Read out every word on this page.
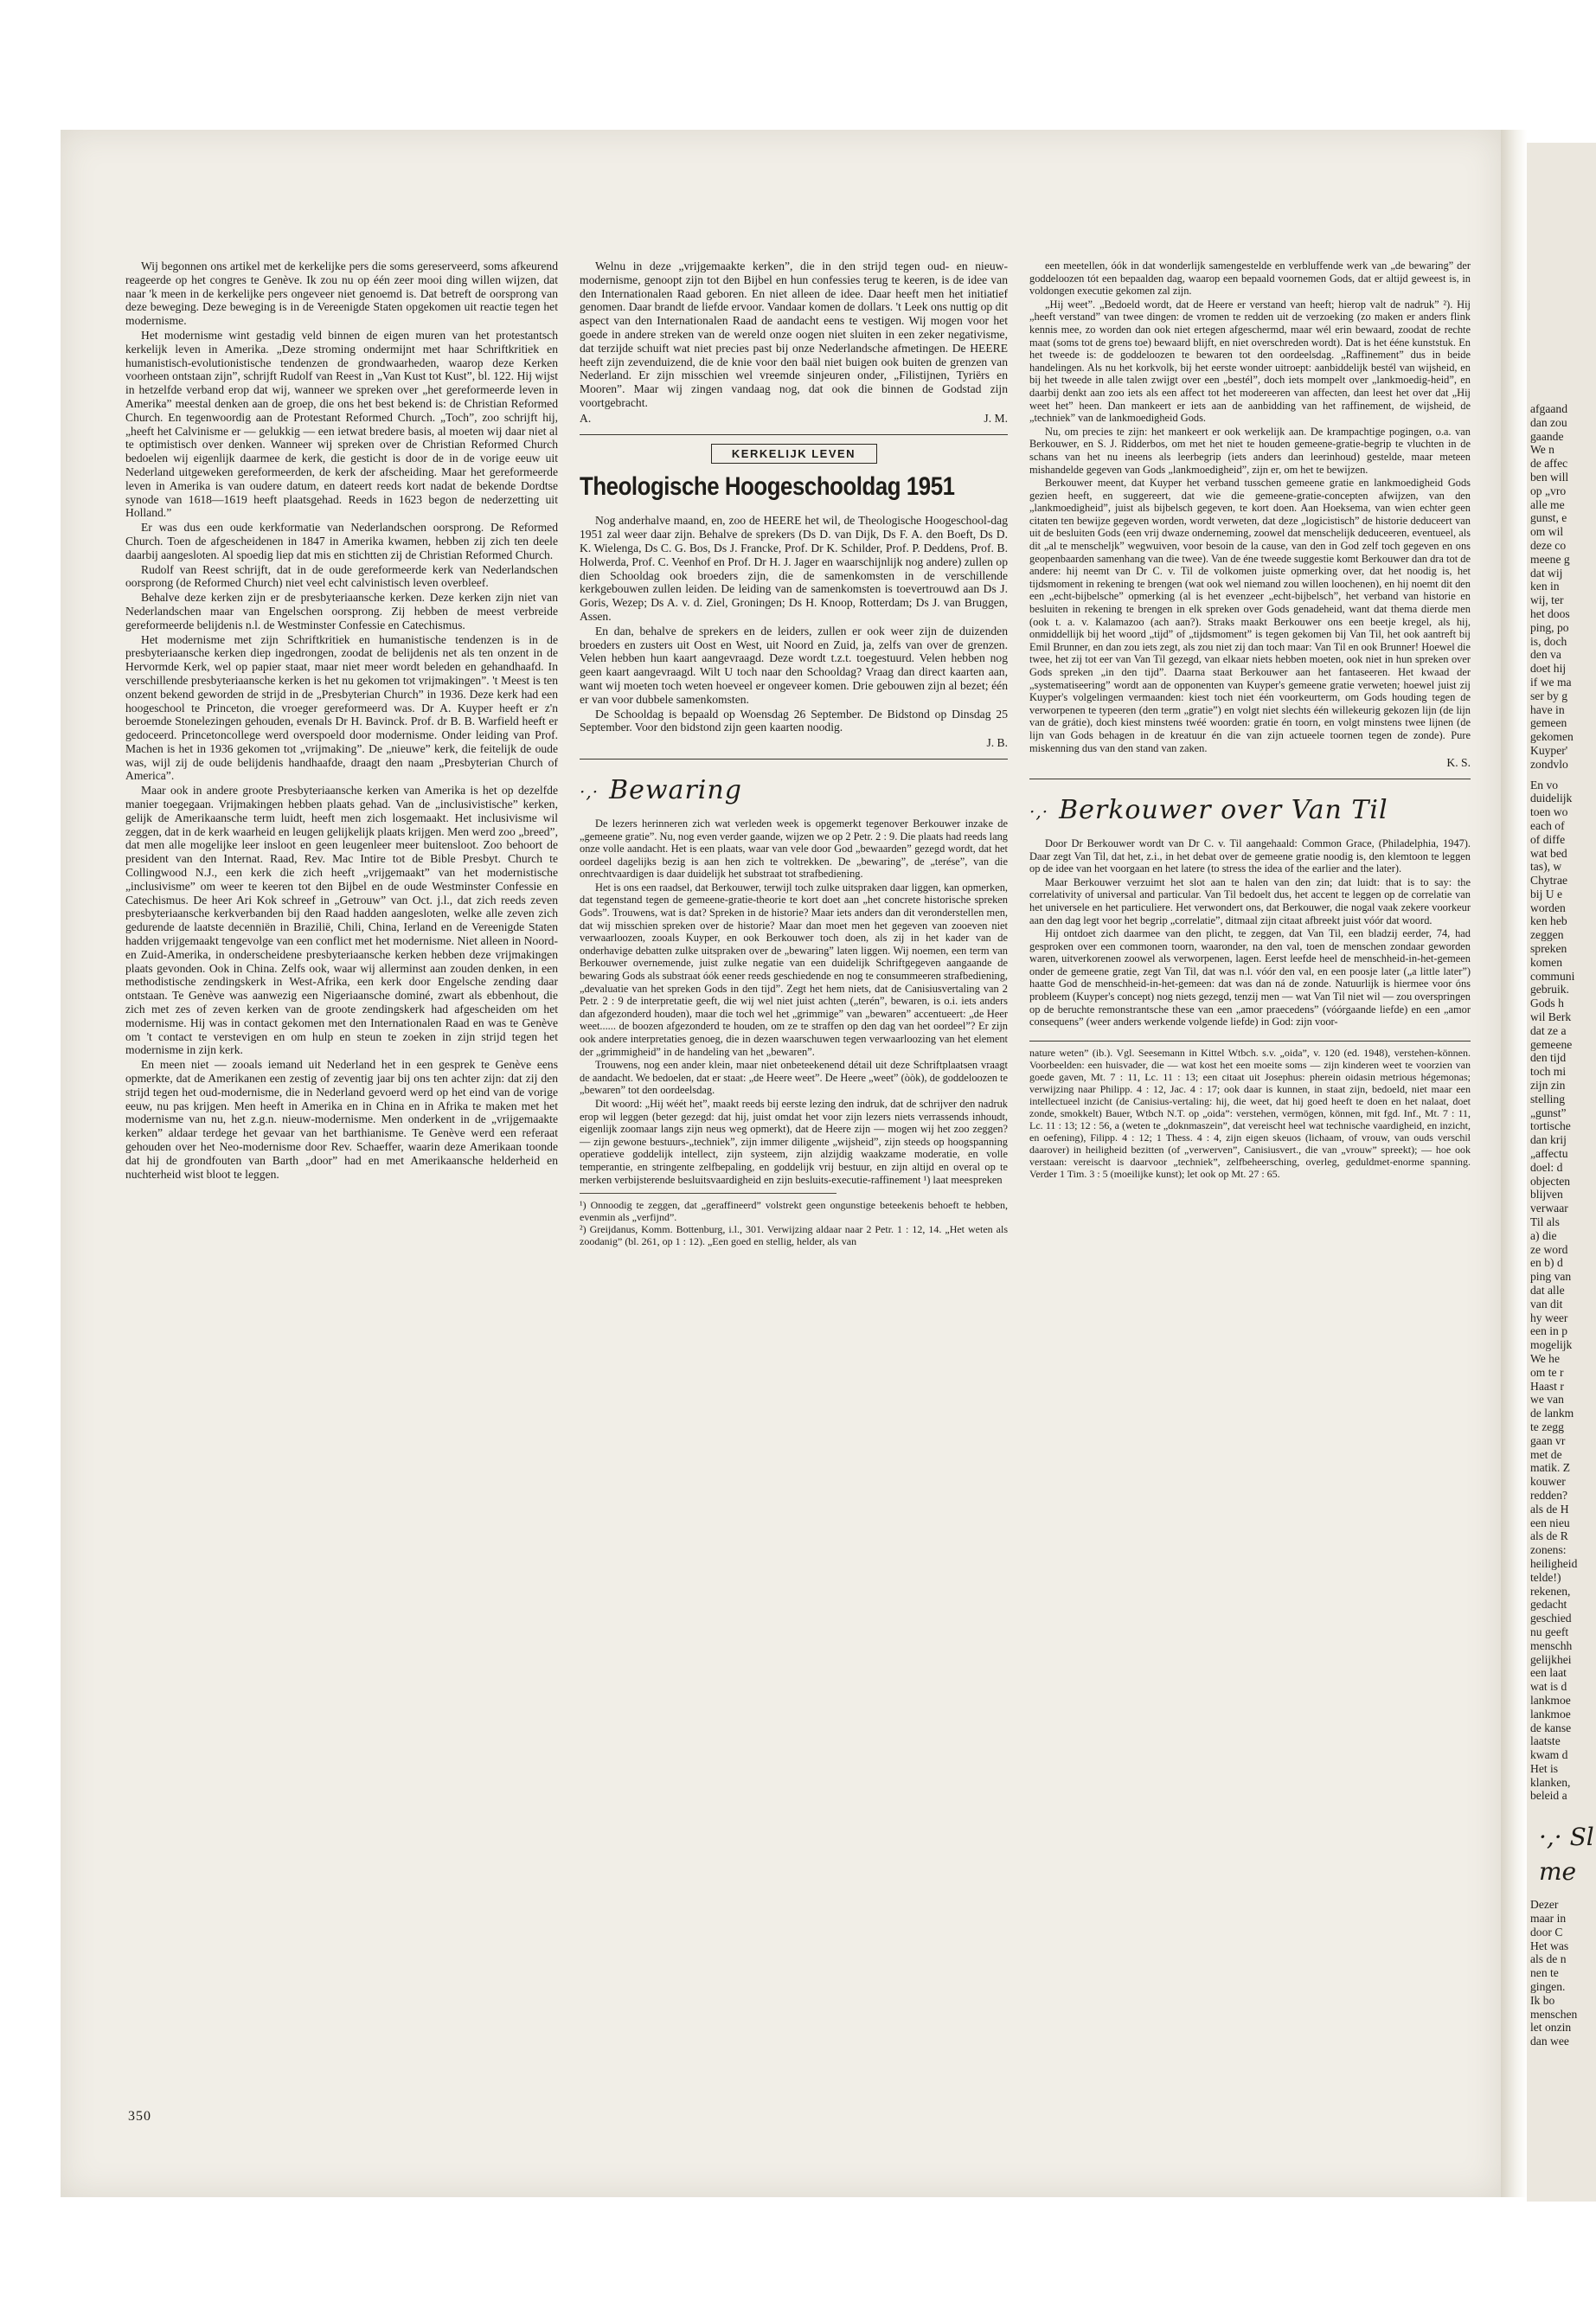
afgaand
dan zou
gaande
We n
de affec
ben will
op „vro
alle me
gunst, e
om wil
deze co
meene g
dat wij
ken in
wij, ter
het doos
ping, po
is, doch
den va
doet hij
if we ma
ser by g
have in
gemeen
gekomen
Kuyper'
zondvlo
En vo
duidelijk
toen wo
each of
of diffe
wat bed
tas), w
Chytrae
bij U e
worden
ken heb
zeggen
spreken
komen
communi
gebruik.
Gods h
wil Berk
dat ze a
gemeene
den tijd
toch mi
zijn zin
stelling
„gunst”
tortische
dan krij
„affectu
doel: d
objecten
blijven
verwaar
Til als
a) die
ze word
en b) d
ping van
dat alle
van dit
hy weer
een in p
mogelijk
We he
om te r
Haast r
we van
de lankm
te zegg
gaan vr
met de
matik. Z
kouwer
redden?
als de H
een nieu
als de R
zonens:
heiligheid
telde!)
rekenen,
gedacht
geschied
nu geeft
menschh
gelijkhei
een laat
wat is d
lankmoe
lankmoe
de kanse
laatste
kwam d
Het is
klanken,
beleid a
·,· Sl
me
Dezer
maar in
door C
Het was
als de n
nen te
gingen.
Ik bo
menschen
let onzin
dan wee

Wij begonnen ons artikel met de kerkelijke pers die soms gereserveerd, soms afkeurend reageerde op het congres te Genève. Ik zou nu op één zeer mooi ding willen wijzen, dat naar 'k meen in de kerkelijke pers ongeveer niet genoemd is. Dat betreft de oorsprong van deze beweging. Deze beweging is in de Vereenigde Staten opgekomen uit reactie tegen het modernisme.

Het modernisme wint gestadig veld binnen de eigen muren van het protestantsch kerkelijk leven in Amerika. „Deze stroming ondermijnt met haar Schriftkritiek en humanistisch-evolutionistische tendenzen de grondwaarheden, waarop deze Kerken voorheen ontstaan zijn”, schrijft Rudolf van Reest in „Van Kust tot Kust”, bl. 122. Hij wijst in hetzelfde verband erop dat wij, wanneer we spreken over „het gereformeerde leven in Amerika” meestal denken aan de groep, die ons het best bekend is: de Christian Reformed Church. En tegenwoordig aan de Protestant Reformed Church. „Toch”, zoo schrijft hij, „heeft het Calvinisme er — gelukkig — een ietwat bredere basis, al moeten wij daar niet al te optimistisch over denken. Wanneer wij spreken over de Christian Reformed Church bedoelen wij eigenlijk daarmee de kerk, die gesticht is door de in de vorige eeuw uit Nederland uitgeweken gereformeerden, de kerk der afscheiding. Maar het gereformeerde leven in Amerika is van oudere datum, en dateert reeds kort nadat de bekende Dordtse synode van 1618—1619 heeft plaatsgehad. Reeds in 1623 begon de nederzetting uit Holland.”

Er was dus een oude kerkformatie van Nederlandschen oorsprong. De Reformed Church. Toen de afgescheidenen in 1847 in Amerika kwamen, hebben zij zich ten deele daarbij aangesloten. Al spoedig liep dat mis en stichtten zij de Christian Reformed Church.

Rudolf van Reest schrijft, dat in de oude gereformeerde kerk van Nederlandschen oorsprong (de Reformed Church) niet veel echt calvinistisch leven overbleef.

Behalve deze kerken zijn er de presbyteriaansche kerken. Deze kerken zijn niet van Nederlandschen maar van Engelschen oorsprong. Zij hebben de meest verbreide gereformeerde belijdenis n.l. de Westminster Confessie en Catechismus.

Het modernisme met zijn Schriftkritiek en humanistische tendenzen is in de presbyteriaansche kerken diep ingedrongen, zoodat de belijdenis net als ten onzent in de Hervormde Kerk, wel op papier staat, maar niet meer wordt beleden en gehandhaafd. In verschillende presbyteriaansche kerken is het nu gekomen tot vrijmakingen”. 't Meest is ten onzent bekend geworden de strijd in de „Presbyterian Church” in 1936. Deze kerk had een hoogeschool te Princeton, die vroeger gereformeerd was. Dr A. Kuyper heeft er z'n beroemde Stonelezingen gehouden, evenals Dr H. Bavinck. Prof. dr B. B. Warfield heeft er gedoceerd. Princetoncollege werd overspoeld door modernisme. Onder leiding van Prof. Machen is het in 1936 gekomen tot „vrijmaking”. De „nieuwe” kerk, die feitelijk de oude was, wijl zij de oude belijdenis handhaafde, draagt den naam „Presbyterian Church of America”.

Maar ook in andere groote Presbyteriaansche kerken van Amerika is het op dezelfde manier toegegaan. Vrijmakingen hebben plaats gehad. Van de „inclusivistische” kerken, gelijk de Amerikaansche term luidt, heeft men zich losgemaakt. Het inclusivisme wil zeggen, dat in de kerk waarheid en leugen gelijkelijk plaats krijgen. Men werd zoo „breed”, dat men alle mogelijke leer insloot en geen leugenleer meer buitensloot. Zoo behoort de president van den Internat. Raad, Rev. Mac Intire tot de Bible Presbyt. Church te Collingwood N.J., een kerk die zich heeft „vrijgemaakt” van het modernistische „inclusivisme” om weer te keeren tot den Bijbel en de oude Westminster Confessie en Catechismus. De heer Ari Kok schreef in „Getrouw” van Oct. j.l., dat zich reeds zeven presbyteriaansche kerkverbanden bij den Raad hadden aangesloten, welke alle zeven zich gedurende de laatste decenniën in Brazilië, Chili, China, Ierland en de Vereenigde Staten hadden vrijgemaakt tengevolge van een conflict met het modernisme. Niet alleen in Noord- en Zuid-Amerika, in onderscheidene presbyteriaansche kerken hebben deze vrijmakingen plaats gevonden. Ook in China. Zelfs ook, waar wij allerminst aan zouden denken, in een methodistische zendingskerk in West-Afrika, een kerk door Engelsche zending daar ontstaan. Te Genève was aanwezig een Nigeriaansche dominé, zwart als ebbenhout, die zich met zes of zeven kerken van de groote zendingskerk had afgescheiden om het modernisme. Hij was in contact gekomen met den Internationalen Raad en was te Genève om 't contact te verstevigen en om hulp en steun te zoeken in zijn strijd tegen het modernisme in zijn kerk.

En meen niet — zooals iemand uit Nederland het in een gesprek te Genève eens opmerkte, dat de Amerikanen een zestig of zeventig jaar bij ons ten achter zijn: dat zij den strijd tegen het oud-modernisme, die in Nederland gevoerd werd op het eind van de vorige eeuw, nu pas krijgen. Men heeft in Amerika en in China en in Afrika te maken met het modernisme van nu, het z.g.n. nieuw-modernisme. Men onderkent in de „vrijgemaakte kerken” aldaar terdege het gevaar van het barthianisme. Te Genève werd een referaat gehouden over het Neo-modernisme door Rev. Schaeffer, waarin deze Amerikaan toonde dat hij de grondfouten van Barth „door” had en met Amerikaansche helderheid en nuchterheid wist bloot te leggen.

Welnu in deze „vrijgemaakte kerken”, die in den strijd tegen oud- en nieuw-modernisme, genoopt zijn tot den Bijbel en hun confessies terug te keeren, is de idee van den Internationalen Raad geboren. En niet alleen de idee. Daar heeft men het initiatief genomen. Daar brandt de liefde ervoor. Vandaar komen de dollars. 't Leek ons nuttig op dit aspect van den Internationalen Raad de aandacht eens te vestigen. Wij mogen voor het goede in andere streken van de wereld onze oogen niet sluiten in een zeker negativisme, dat terzijde schuift wat niet precies past bij onze Nederlandsche afmetingen. De HEERE heeft zijn zevenduizend, die de knie voor den baäl niet buigen ook buiten de grenzen van Nederland. Er zijn misschien wel vreemde sinjeuren onder, „Filistijnen, Tyriërs en Mooren”. Maar wij zingen vandaag nog, dat ook die binnen de Godstad zijn voortgebracht.

A.	J. M.
KERKELIJK LEVEN
Theologische Hoogeschooldag 1951

Nog anderhalve maand, en, zoo de HEERE het wil, de Theologische Hoogeschool-dag 1951 zal weer daar zijn. Behalve de sprekers (Ds D. van Dijk, Ds F. A. den Boeft, Ds D. K. Wielenga, Ds C. G. Bos, Ds J. Francke, Prof. Dr K. Schilder, Prof. P. Deddens, Prof. B. Holwerda, Prof. C. Veenhof en Prof. Dr H. J. Jager en waarschijnlijk nog andere) zullen op dien Schooldag ook broeders zijn, die de samenkomsten in de verschillende kerkgebouwen zullen leiden. De leiding van de samenkomsten is toevertrouwd aan Ds J. Goris, Wezep; Ds A. v. d. Ziel, Groningen; Ds H. Knoop, Rotterdam; Ds J. van Bruggen, Assen.

En dan, behalve de sprekers en de leiders, zullen er ook weer zijn de duizenden broeders en zusters uit Oost en West, uit Noord en Zuid, ja, zelfs van over de grenzen. Velen hebben hun kaart aangevraagd. Deze wordt t.z.t. toegestuurd. Velen hebben nog geen kaart aangevraagd. Wilt U toch naar den Schooldag? Vraag dan direct kaarten aan, want wij moeten toch weten hoeveel er ongeveer komen. Drie gebouwen zijn al bezet; één er van voor dubbele samenkomsten.

De Schooldag is bepaald op Woensdag 26 September. De Bidstond op Dinsdag 25 September. Voor den bidstond zijn geen kaarten noodig.

J. B.
·,· Bewaring

De lezers herinneren zich wat verleden week is opgemerkt tegenover Berkouwer inzake de „gemeene gratie”. Nu, nog even verder gaande, wijzen we op 2 Petr. 2 : 9. Die plaats had reeds lang onze volle aandacht. Het is een plaats, waar van vele door God „bewaarden” gezegd wordt, dat het oordeel dagelijks bezig is aan hen zich te voltrekken. De „bewaring”, de „terése”, van die onrechtvaardigen is daar duidelijk het substraat tot strafbediening.

Het is ons een raadsel, dat Berkouwer, terwijl toch zulke uitspraken daar liggen, kan opmerken, dat tegenstand tegen de gemeene-gratie-theorie te kort doet aan „het concrete historische spreken Gods”. Trouwens, wat is dat? Spreken in de historie? Maar iets anders dan dit veronderstellen men, dat wij misschien spreken over de historie? Maar dan moet men het gegeven van zooeven niet verwaarloozen, zooals Kuyper, en ook Berkouwer toch doen, als zij in het kader van de onderhavige debatten zulke uitspraken over de „bewaring” laten liggen. Wij noemen, een term van Berkouwer overnemende, juist zulke negatie van een duidelijk Schriftgegeven aangaande de bewaring Gods als substraat óók eener reeds geschiedende en nog te consummeeren strafbediening, „devaluatie van het spreken Gods in den tijd”. Zegt het hem niets, dat de Canisiusvertaling van 2 Petr. 2 : 9 de interpretatie geeft, die wij wel niet juist achten („terén”, bewaren, is o.i. iets anders dan afgezonderd houden), maar die toch wel het „grimmige” van „bewaren” accentueert: „de Heer weet...... de boozen afgezonderd te houden, om ze te straffen op den dag van het oordeel”? Er zijn ook andere interpretaties genoeg, die in dezen waarschuwen tegen verwaarloozing van het element der „grimmigheid” in de handeling van het „bewaren”.

Trouwens, nog een ander klein, maar niet onbeteekenend détail uit deze Schriftplaatsen vraagt de aandacht. We bedoelen, dat er staat: „de Heere weet”. De Heere „weet” (òòk), de goddeloozen te „bewaren” tot den oordeelsdag.

Dit woord: „Hij wéét het”, maakt reeds bij eerste lezing den indruk, dat de schrijver den nadruk erop wil leggen (beter gezegd: dat hij, juist omdat het voor zijn lezers niets verrassends inhoudt, eigenlijk zoomaar langs zijn neus weg opmerkt), dat de Heere zijn — mogen wij het zoo zeggen? — zijn gewone bestuurs-„techniek”, zijn immer diligente „wijsheid”, zijn steeds op hoogspanning operatieve goddelijk intellect, zijn systeem, zijn alzijdig waakzame moderatie, en volle temperantie, en stringente zelfbepaling, en goddelijk vrij bestuur, en zijn altijd en overal op te merken verbijsterende besluitsvaardigheid en zijn besluits-executie-raffinement ¹) laat meespreken

¹) Onnoodig te zeggen, dat „geraffineerd” volstrekt geen ongunstige beteekenis behoeft te hebben, evenmin als „verfijnd”.
²) Greijdanus, Komm. Bottenburg, i.l., 301. Verwijzing aldaar naar 2 Petr. 1 : 12, 14. „Het weten als zoodanig” (bl. 261, op 1 : 12). „Een goed en stellig, helder, als van

een meetellen, óók in dat wonderlijk samengestelde en verbluffende werk van „de bewaring” der goddeloozen tót een bepaalden dag, waarop een bepaald voornemen Gods, dat er altijd geweest is, in voldongen executie gekomen zal zijn.

„Hij weet”. „Bedoeld wordt, dat de Heere er verstand van heeft; hierop valt de nadruk” ²). Hij „heeft verstand” van twee dingen: de vromen te redden uit de verzoeking (zo maken er anders flink kennis mee, zo worden dan ook niet ertegen afgeschermd, maar wél erin bewaard, zoodat de rechte maat (soms tot de grens toe) bewaard blijft, en niet overschreden wordt). Dat is het ééne kunststuk. En het tweede is: de goddeloozen te bewaren tot den oordeelsdag. „Raffinement” dus in beide handelingen. Als nu het korkvolk, bij het eerste wonder uitroept: aanbiddelijk bestél van wijsheid, en bij het tweede in alle talen zwijgt over een „bestél”, doch iets mompelt over „lankmoedig-heid”, en daarbij denkt aan zoo iets als een affect tot het modereeren van affecten, dan leest het over dat „Hij weet het” heen. Dan mankeert er iets aan de aanbidding van het raffinement, de wijsheid, de „techniek” van de lankmoedigheid Gods.

Nu, om precies te zijn: het mankeert er ook werkelijk aan. De krampachtige pogingen, o.a. van Berkouwer, en S. J. Ridderbos, om met het niet te houden gemeene-gratie-begrip te vluchten in de schans van het nu ineens als leerbegrip (iets anders dan leerinhoud) gestelde, maar meteen mishandelde gegeven van Gods „lankmoedigheid”, zijn er, om het te bewijzen.

Berkouwer meent, dat Kuyper het verband tusschen gemeene gratie en lankmoedigheid Gods gezien heeft, en suggereert, dat wie die gemeene-gratie-concepten afwijzen, van den „lankmoedigheid”, juist als bijbelsch gegeven, te kort doen. Aan Hoeksema, van wien echter geen citaten ten bewijze gegeven worden, wordt verweten, dat deze „logicistisch” de historie deduceert van uit de besluiten Gods (een vrij dwaze onderneming, zoowel dat menschelijk deduceeren, eventueel, als dit „al te menscheljk” wegwuiven, voor besoin de la cause, van den in God zelf toch gegeven en ons geopenbaarden samenhang van die twee). Van de éne tweede suggestie komt Berkouwer dan dra tot de andere: hij neemt van Dr C. v. Til de volkomen juiste opmerking over, dat het noodig is, het tijdsmoment in rekening te brengen (wat ook wel niemand zou willen loochenen), en hij noemt dit den een „echt-bijbelsche” opmerking (al is het evenzeer „echt-bijbelsch”, het verband van historie en besluiten in rekening te brengen in elk spreken over Gods genadeheid, want dat thema dierde men (ook t. a. v. Kalamazoo (ach aan?). Straks maakt Berkouwer ons een beetje kregel, als hij, onmiddellijk bij het woord „tijd” of „tijdsmoment” is tegen gekomen bij Van Til, het ook aantreft bij Emil Brunner, en dan zou iets zegt, als zou niet zij dan toch maar: Van Til en ook Brunner! Hoewel die twee, het zij tot eer van Van Til gezegd, van elkaar niets hebben moeten, ook niet in hun spreken over Gods spreken „in den tijd”. Daarna staat Berkouwer aan het fantaseeren. Het kwaad der „systematiseering” wordt aan de opponenten van Kuyper's gemeene gratie verweten; hoewel juist zij Kuyper's volgelingen vermaanden: kiest toch niet één voorkeurterm, om Gods houding tegen de verworpenen te typeeren (den term „gratie”) en volgt niet slechts één willekeurig gekozen lijn (de lijn van de grátie), doch kiest minstens twéé woorden: gratie én toorn, en volgt minstens twee lijnen (de lijn van Gods behagen in de kreatuur én die van zijn actueele toornen tegen de zonde). Pure miskenning dus van den stand van zaken.

K. S.
·,· Berkouwer over Van Til

Door Dr Berkouwer wordt van Dr C. v. Til aangehaald: Common Grace, (Philadelphia, 1947). Daar zegt Van Til, dat het, z.i., in het debat over de gemeene gratie noodig is, den klemtoon te leggen op de idee van het voorgaan en het latere (to stress the idea of the earlier and the later).

Maar Berkouwer verzuimt het slot aan te halen van den zin; dat luidt: that is to say: the correlativity of universal and particular. Van Til bedoelt dus, het accent te leggen op de correlatie van het universele en het particuliere. Het verwondert ons, dat Berkouwer, die nogal vaak zekere voorkeur aan den dag legt voor het begrip „correlatie”, ditmaal zijn citaat afbreekt juist vóór dat woord.

Hij ontdoet zich daarmee van den plicht, te zeggen, dat Van Til, een bladzij eerder, 74, had gesproken over een commonen toorn, waaronder, na den val, toen de menschen zondaar geworden waren, uitverkorenen zoowel als verworpenen, lagen. Eerst leefde heel de menschheid-in-het-gemeen onder de gemeene gratie, zegt Van Til, dat was n.l. vóór den val, en een poosje later („a little later”) haatte God de menschheid-in-het-gemeen: dat was dan ná de zonde. Natuurlijk is hiermee voor óns probleem (Kuyper's concept) nog niets gezegd, tenzij men — wat Van Til niet wil — zou overspringen op de beruchte remonstrantsche these van een „amor praecedens” (vóórgaande liefde) en een „amor consequens” (weer anders werkende volgende liefde) in God: zijn voor-

nature weten” (ib.). Vgl. Seesemann in Kittel Wtbch. s.v. „oida”, v. 120 (ed. 1948), verstehen-können. Voorbeelden: een huisvader, die — wat kost het een moeite soms — zijn kinderen weet te voorzien van goede gaven, Mt. 7 : 11, Lc. 11 : 13; een citaat uit Josephus: pherein oidasin metrious hégemonas; verwijzing naar Philipp. 4 : 12, Jac. 4 : 17; ook daar is kunnen, in staat zijn, bedoeld, niet maar een intellectueel inzicht (de Canisius-vertaling: hij, die weet, dat hij goed heeft te doen en het nalaat, doet zonde, smokkelt) Bauer, Wtbch N.T. op „oida”: verstehen, vermögen, können, mit fgd. Inf., Mt. 7 : 11, Lc. 11 : 13; 12 : 56, a (weten te „doknmaszein”, dat vereischt heel wat technische vaardigheid, en inzicht, en oefening), Filipp. 4 : 12; 1 Thess. 4 : 4, zijn eigen skeuos (lichaam, of vrouw, van ouds verschil daarover) in heiligheid bezitten (of „verwerven”, Canisiusvert., die van „vrouw” spreekt); — hoe ook verstaan: vereischt is daarvoor „techniek”, zelfbeheersching, overleg, geduldmet-enorme spanning. Verder 1 Tim. 3 : 5 (moeilijke kunst); let ook op Mt. 27 : 65.
350
